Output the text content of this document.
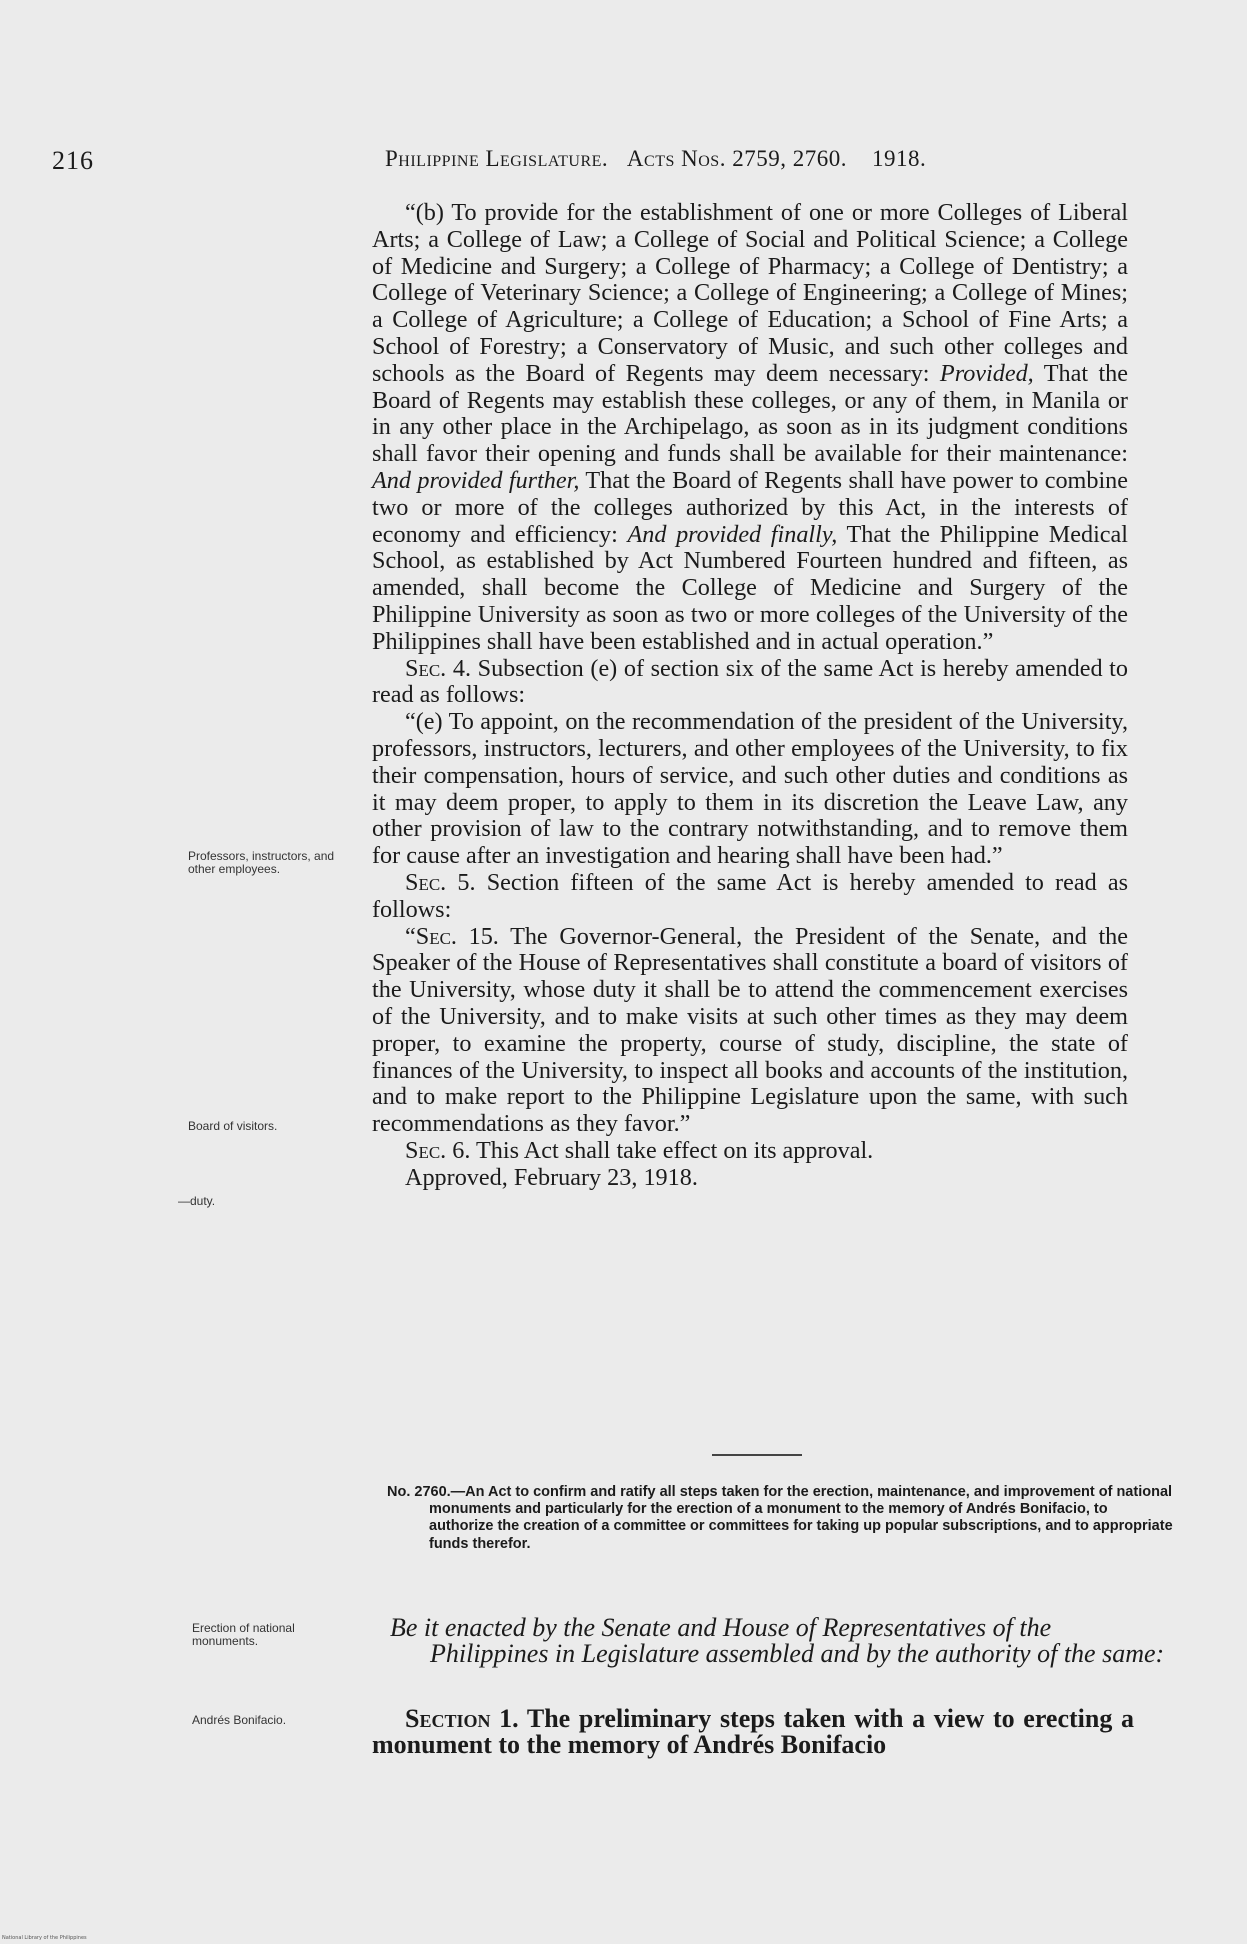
216	Philippine Legislature. Acts Nos. 2759, 2760. 1918.

“(b) To provide for the establishment of one or more Colleges of Liberal Arts; a College of Law; a College of Social and Political Science; a College of Medicine and Surgery; a College of Pharmacy; a College of Dentistry; a College of Veterinary Science; a College of Engineering; a College of Mines; a College of Agriculture; a College of Education; a School of Fine Arts; a School of Forestry; a Conservatory of Music, and such other colleges and schools as the Board of Regents may deem necessary: Provided, That the Board of Regents may establish these colleges, or any of them, in Manila or in any other place in the Archipelago, as soon as in its judgment conditions shall favor their opening and funds shall be available for their maintenance: And provided further, That the Board of Regents shall have power to combine two or more of the colleges authorized by this Act, in the interests of economy and efficiency: And provided finally, That the Philippine Medical School, as established by Act Numbered Fourteen hundred and fifteen, as amended, shall become the College of Medicine and Surgery of the Philippine University as soon as two or more colleges of the University of the Philippines shall have been established and in actual operation.”

Sec. 4. Subsection (e) of section six of the same Act is hereby amended to read as follows:

“(e) To appoint, on the recommendation of the president of the University, professors, instructors, lecturers, and other employees of the University, to fix their compensation, hours of service, and such other duties and conditions as it may deem proper, to apply to them in its discretion the Leave Law, any other provision of law to the contrary notwithstanding, and to remove them for cause after an investigation and hearing shall have been had.”

Sec. 5. Section fifteen of the same Act is hereby amended to read as follows:

“Sec. 15. The Governor-General, the President of the Senate, and the Speaker of the House of Representatives shall constitute a board of visitors of the University, whose duty it shall be to attend the commencement exercises of the University, and to make visits at such other times as they may deem proper, to examine the property, course of study, discipline, the state of finances of the University, to inspect all books and accounts of the institution, and to make report to the Philippine Legislature upon the same, with such recommendations as they favor.”

Sec. 6. This Act shall take effect on its approval.

Approved, February 23, 1918.

Professors, instructors, and other employees.
Board of visitors.
—duty.
Erection of national monuments.
Andrés Bonifacio.
No. 2760.—An Act to confirm and ratify all steps taken for the erection, maintenance, and improvement of national monuments and particularly for the erection of a monument to the memory of Andrés Bonifacio, to authorize the creation of a committee or committees for taking up popular subscriptions, and to appropriate funds therefor.
Be it enacted by the Senate and House of Representatives of the Philippines in Legislature assembled and by the authority of the same:

Section 1. The preliminary steps taken with a view to erecting a monument to the memory of Andrés Bonifacio

National Library of the Philippines
